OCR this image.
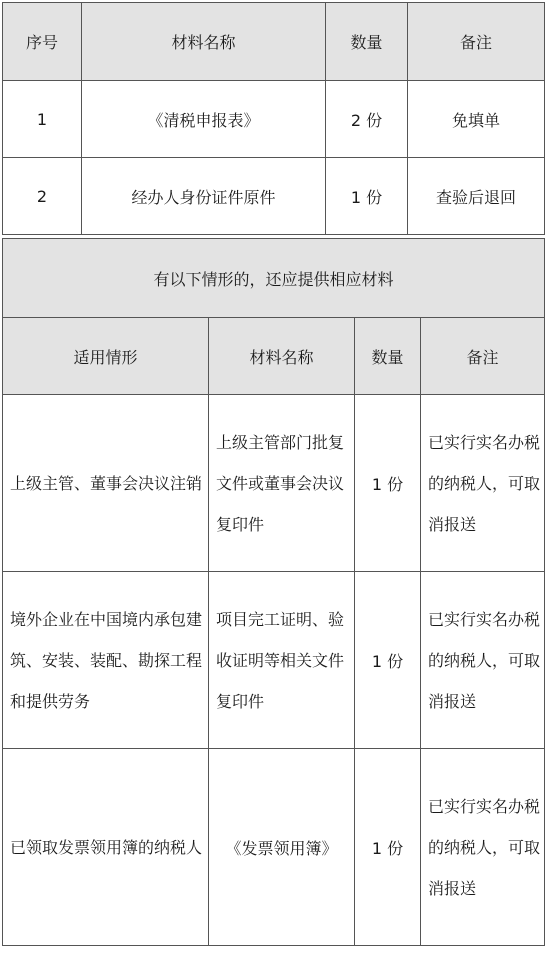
序号	材料名称	数量	备注
1	《清税申报表》	2 份	免填单
2	经办人身份证件原件	1 份	查验后退回
有以下情形的，还应提供相应材料			
适用情形	材料名称	数量	备注
上级主管、董事会决议注销	上级主管部门批复文件或董事会决议复印件	1 份	已实行实名办税的纳税人，可取消报送
境外企业在中国境内承包建筑、安装、装配、勘探工程和提供劳务	项目完工证明、验收证明等相关文件复印件	1 份	已实行实名办税的纳税人，可取消报送
已领取发票领用簿的纳税人	《发票领用簿》	1 份	已实行实名办税的纳税人，可取消报送
